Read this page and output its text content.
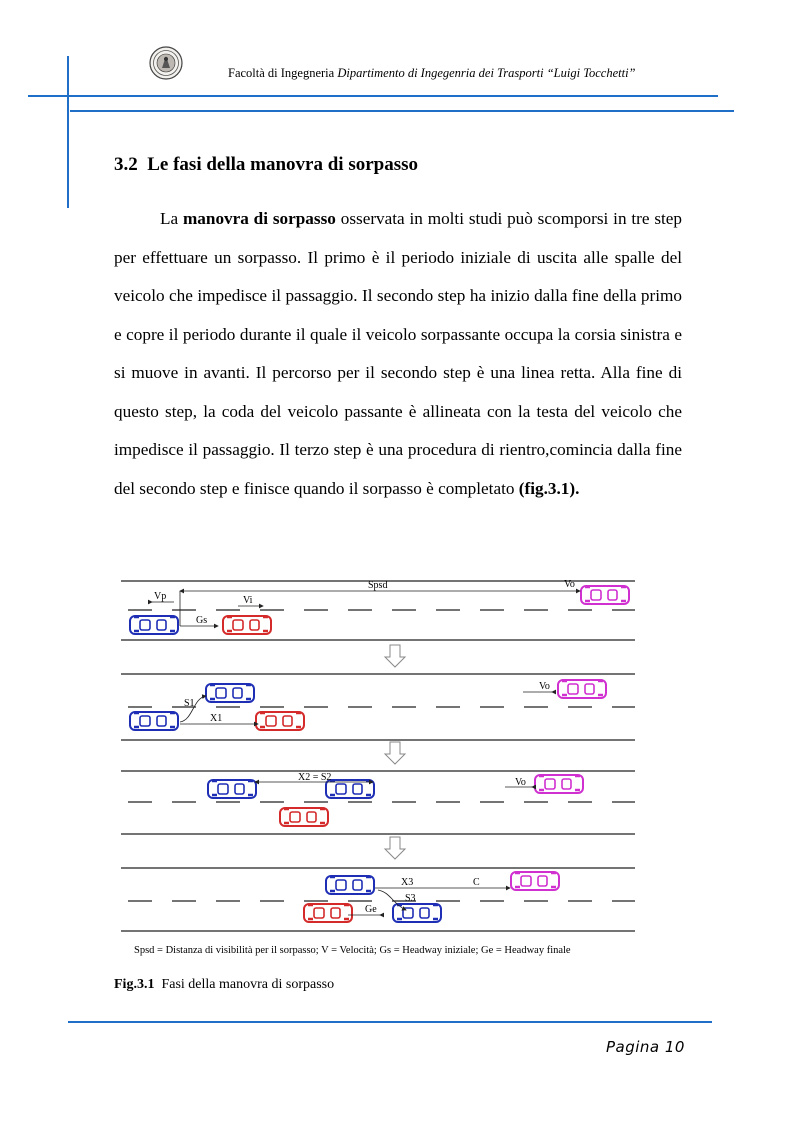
Facoltà di Ingegneria Dipartimento di Ingegenria dei Trasporti “Luigi Tocchetti”
3.2 Le fasi della manovra di sorpasso
La manovra di sorpasso osservata in molti studi può scomporsi in tre step per effettuare un sorpasso. Il primo è il periodo iniziale di uscita alle spalle del veicolo che impedisce il passaggio. Il secondo step ha inizio dalla fine della primo e copre il periodo durante il quale il veicolo sorpassante occupa la corsia sinistra e si muove in avanti. Il percorso per il secondo step è una linea retta. Alla fine di questo step, la coda del veicolo passante è allineata con la testa del veicolo che impedisce il passaggio. Il terzo step è una procedura di rientro,comincia dalla fine del secondo step e finisce quando il sorpasso è completato (fig.3.1).
Spsd
Vp	Vi
Vo
Gs
S1
X1
Vo
X2 = S2	Vo
X3	C
S3
Ge
Spsd = Distanza di visibilità per il sorpasso; V = Velocità; Gs = Headway iniziale; Ge = Headway finale
Fig.3.1 Fasi della manovra di sorpasso
Pagina 10
